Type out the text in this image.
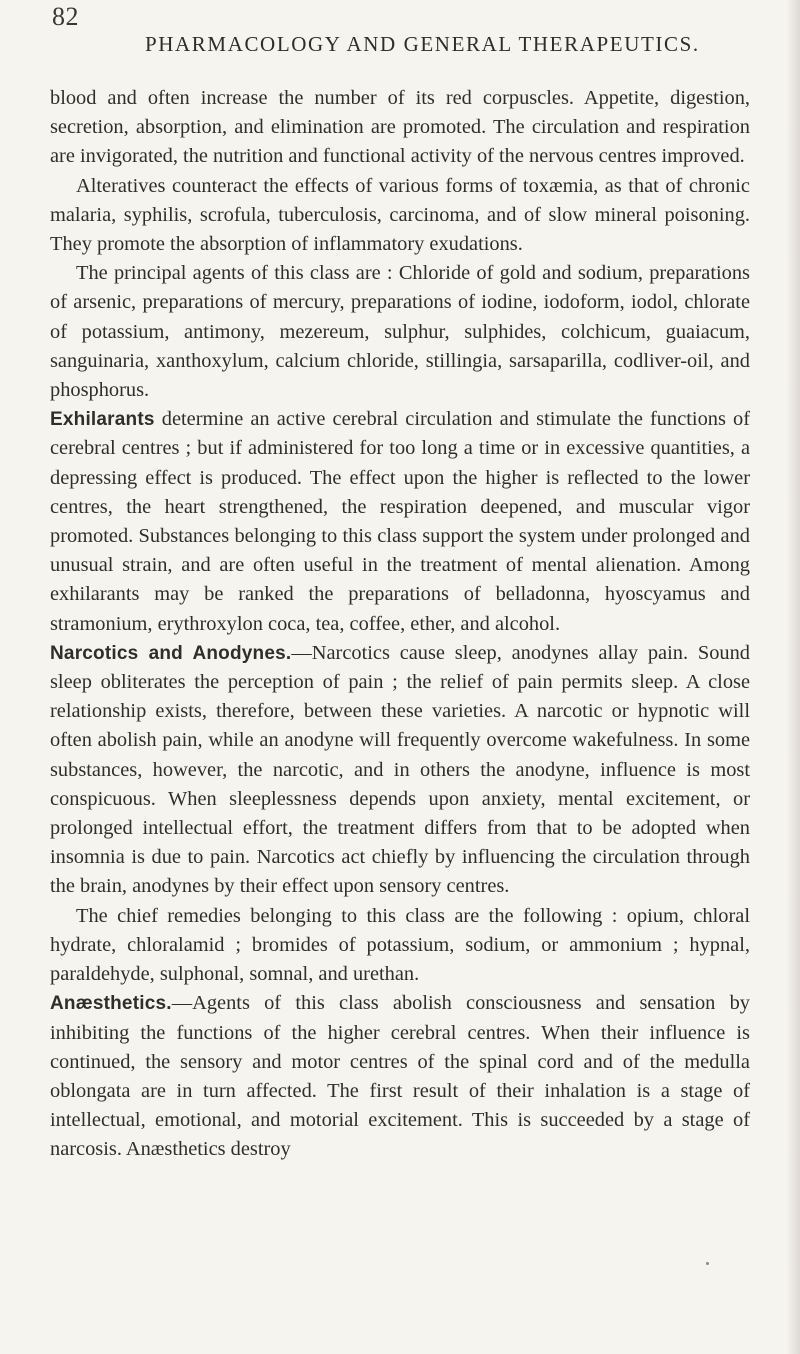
82
PHARMACOLOGY AND GENERAL THERAPEUTICS.

blood and often increase the number of its red corpuscles. Appetite, digestion, secretion, absorption, and elimination are promoted. The circulation and respiration are invigorated, the nutrition and functional activity of the nervous centres improved.

Alteratives counteract the effects of various forms of toxæmia, as that of chronic malaria, syphilis, scrofula, tuberculosis, carcinoma, and of slow mineral poisoning. They promote the absorption of inflammatory exudations.

The principal agents of this class are : Chloride of gold and sodium, preparations of arsenic, preparations of mercury, preparations of iodine, iodoform, iodol, chlorate of potassium, antimony, mezereum, sulphur, sulphides, colchicum, guaiacum, sanguinaria, xanthoxylum, calcium chloride, stillingia, sarsaparilla, codliver-oil, and phosphorus.

Exhilarants determine an active cerebral circulation and stimulate the functions of cerebral centres ; but if administered for too long a time or in excessive quantities, a depressing effect is produced. The effect upon the higher is reflected to the lower centres, the heart strengthened, the respiration deepened, and muscular vigor promoted. Substances belonging to this class support the system under prolonged and unusual strain, and are often useful in the treatment of mental alienation. Among exhilarants may be ranked the preparations of belladonna, hyoscyamus and stramonium, erythroxylon coca, tea, coffee, ether, and alcohol.

Narcotics and Anodynes.—Narcotics cause sleep, anodynes allay pain. Sound sleep obliterates the perception of pain ; the relief of pain permits sleep. A close relationship exists, therefore, between these varieties. A narcotic or hypnotic will often abolish pain, while an anodyne will frequently overcome wakefulness. In some substances, however, the narcotic, and in others the anodyne, influence is most conspicuous. When sleeplessness depends upon anxiety, mental excitement, or prolonged intellectual effort, the treatment differs from that to be adopted when insomnia is due to pain. Narcotics act chiefly by influencing the circulation through the brain, anodynes by their effect upon sensory centres.

The chief remedies belonging to this class are the following : opium, chloral hydrate, chloralamid ; bromides of potassium, sodium, or ammonium ; hypnal, paraldehyde, sulphonal, somnal, and urethan.

Anæsthetics.—Agents of this class abolish consciousness and sensation by inhibiting the functions of the higher cerebral centres. When their influence is continued, the sensory and motor centres of the spinal cord and of the medulla oblongata are in turn affected. The first result of their inhalation is a stage of intellectual, emotional, and motorial excitement. This is succeeded by a stage of narcosis. Anæsthetics destroy
